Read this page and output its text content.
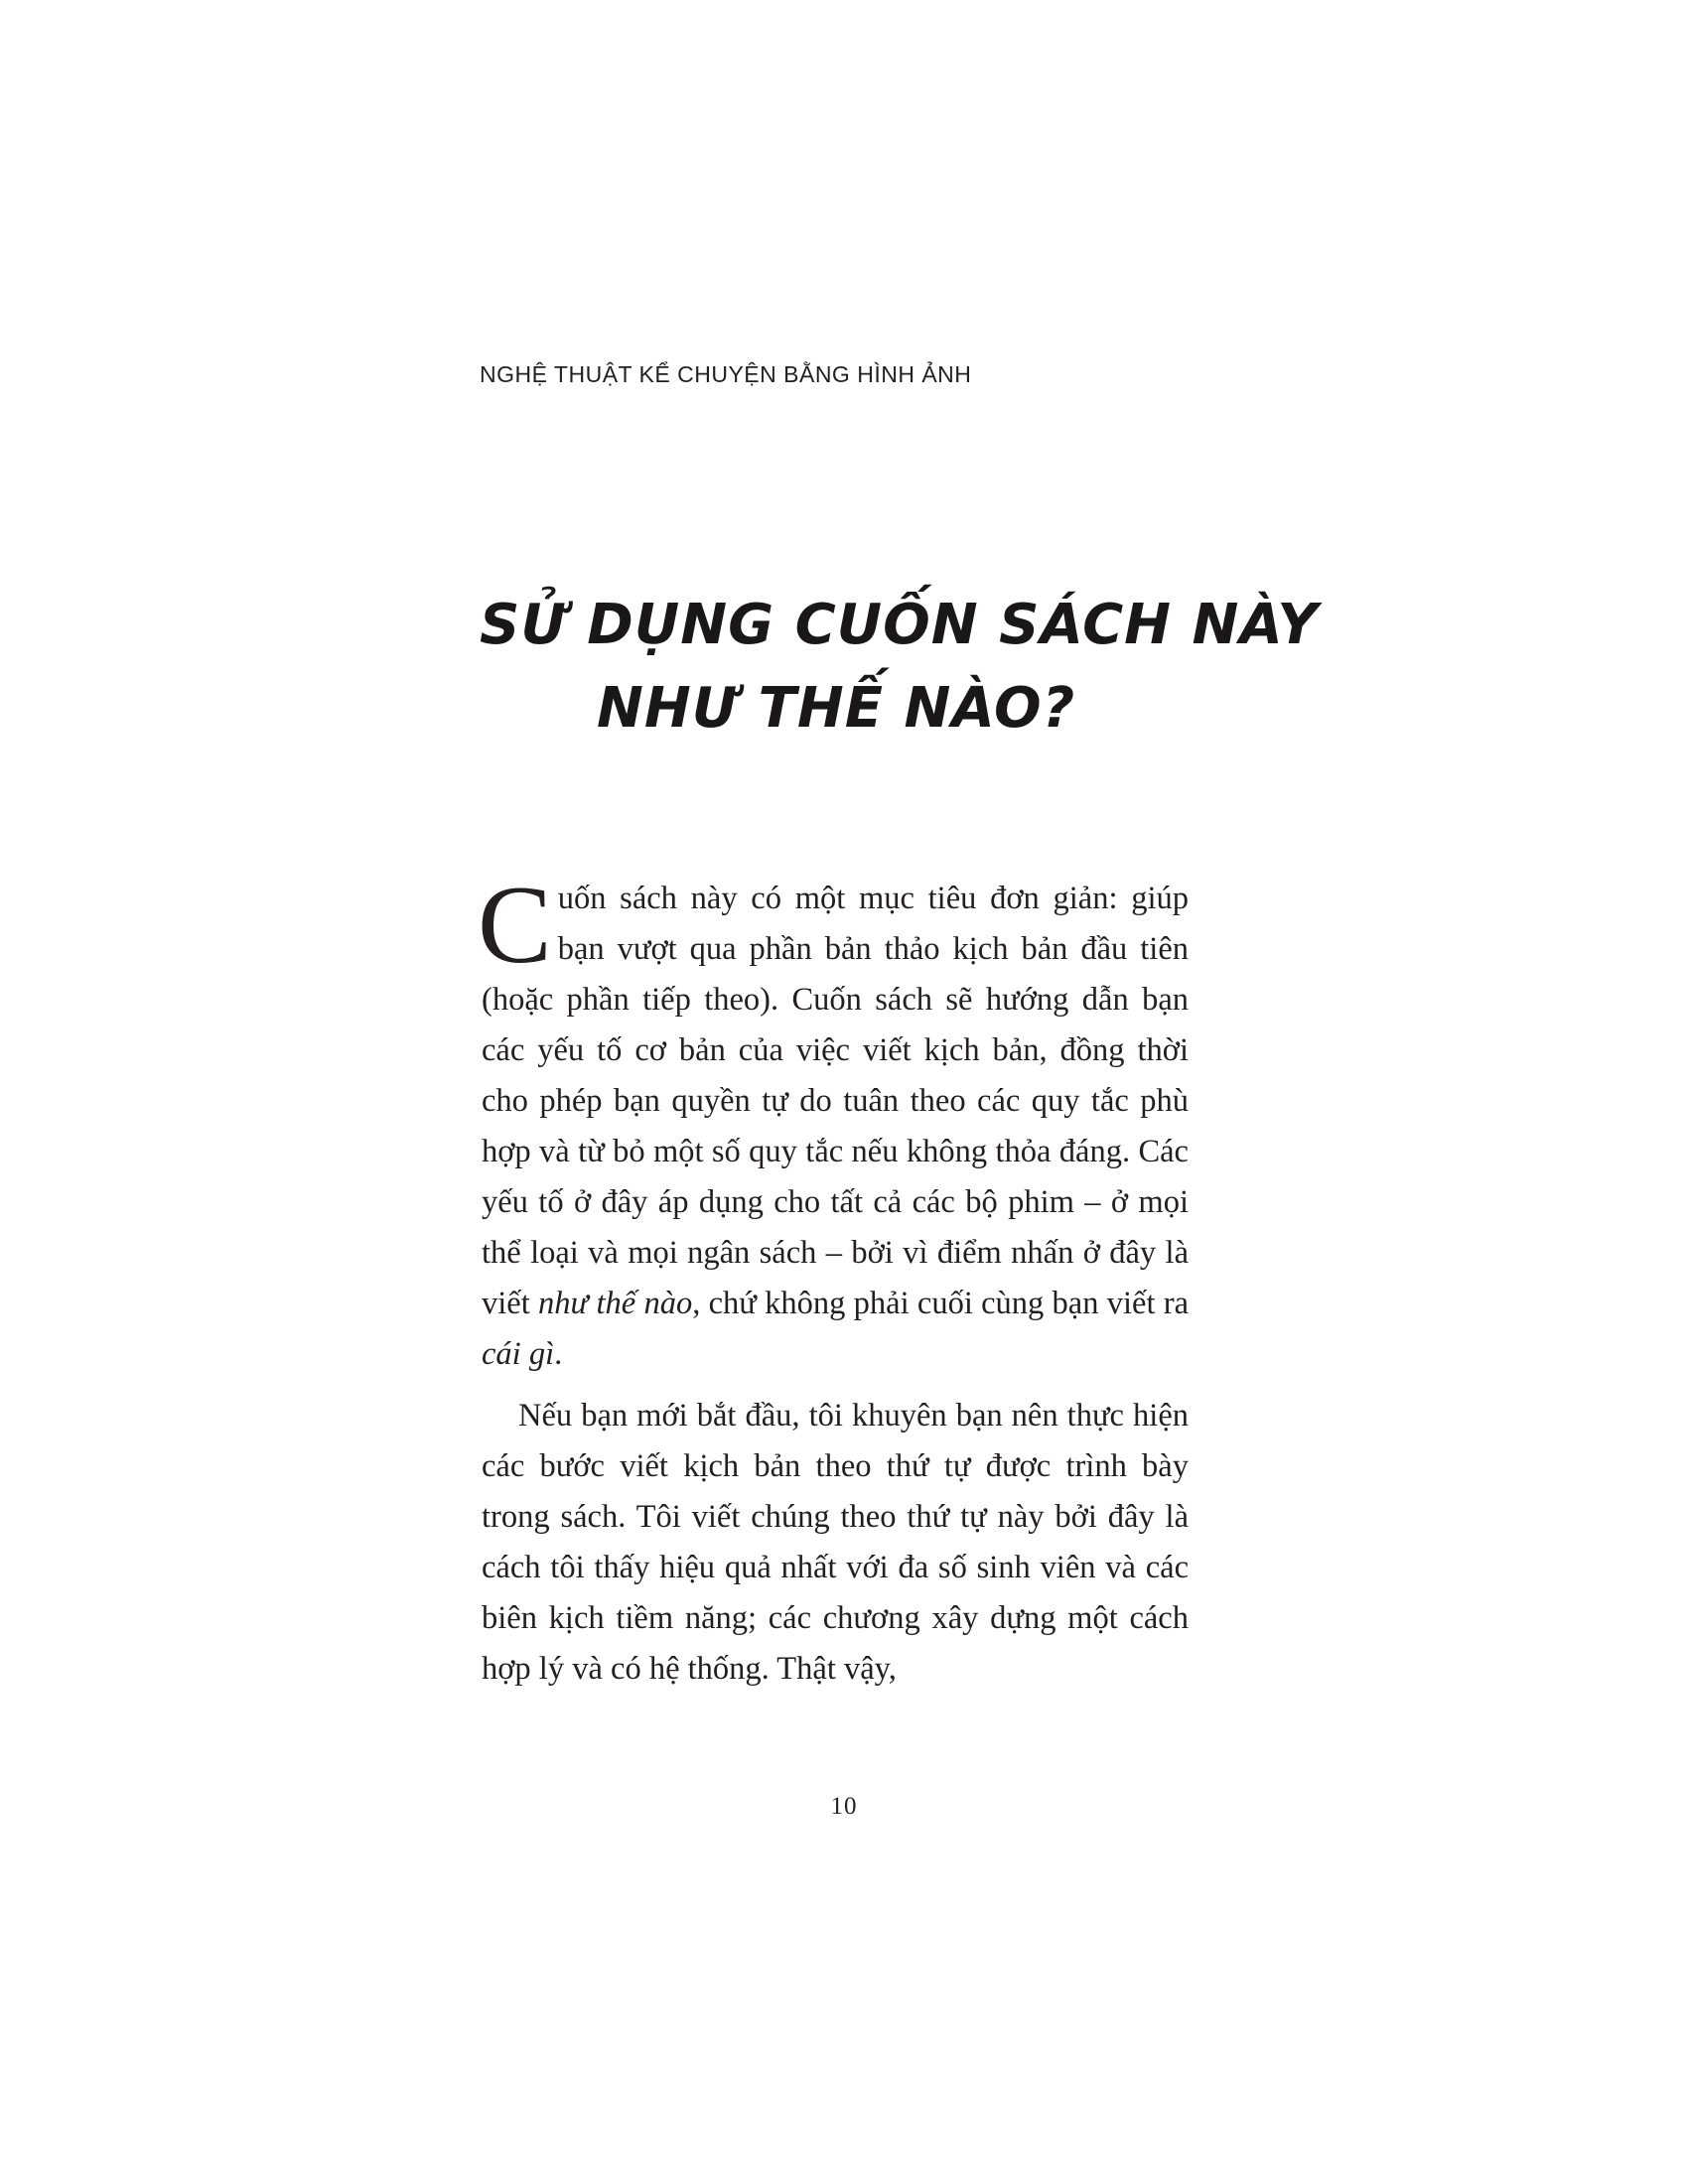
NGHỆ THUẬT KỂ CHUYỆN BẰNG HÌNH ẢNH
SỬ DỤNG CUỐN SÁCH NÀY
NHƯ THẾ NÀO?

Cuốn sách này có một mục tiêu đơn giản: giúp bạn vượt qua phần bản thảo kịch bản đầu tiên (hoặc phần tiếp theo). Cuốn sách sẽ hướng dẫn bạn các yếu tố cơ bản của việc viết kịch bản, đồng thời cho phép bạn quyền tự do tuân theo các quy tắc phù hợp và từ bỏ một số quy tắc nếu không thỏa đáng. Các yếu tố ở đây áp dụng cho tất cả các bộ phim – ở mọi thể loại và mọi ngân sách – bởi vì điểm nhấn ở đây là viết như thế nào, chứ không phải cuối cùng bạn viết ra cái gì.

Nếu bạn mới bắt đầu, tôi khuyên bạn nên thực hiện các bước viết kịch bản theo thứ tự được trình bày trong sách. Tôi viết chúng theo thứ tự này bởi đây là cách tôi thấy hiệu quả nhất với đa số sinh viên và các biên kịch tiềm năng; các chương xây dựng một cách hợp lý và có hệ thống. Thật vậy,

10
